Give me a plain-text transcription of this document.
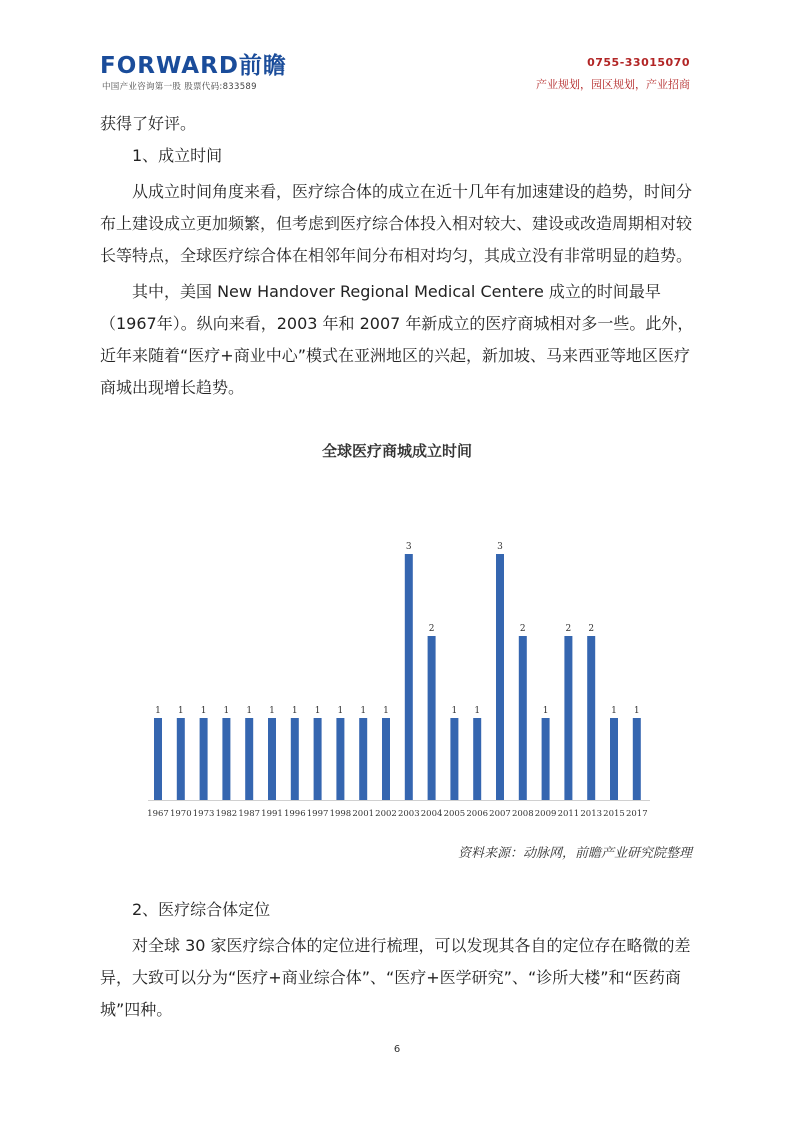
FORWARD前瞻
中国产业咨询第一股 股票代码:833589
0755-33015070
产业规划，园区规划，产业招商

获得了好评。

1、成立时间

从成立时间角度来看，医疗综合体的成立在近十几年有加速建设的趋势，时间分布上建设成立更加频繁，但考虑到医疗综合体投入相对较大、建设或改造周期相对较长等特点，全球医疗综合体在相邻年间分布相对均匀，其成立没有非常明显的趋势。

其中，美国 New Handover Regional Medical Centere 成立的时间最早（1967年）。纵向来看，2003 年和 2007 年新成立的医疗商城相对多一些。此外，近年来随着“医疗+商业中心”模式在亚洲地区的兴起，新加坡、马来西亚等地区医疗商城出现增长趋势。

全球医疗商城成立时间
1
1967
1
1970
1
1973
1
1982
1
1987
1
1991
1
1996
1
1997
1
1998
1
2001
1
2002
3
2003
2
2004
1
2005
1
2006
3
2007
2
2008
1
2009
2
2011
2
2013
1
2015
1
2017
资料来源：动脉网，前瞻产业研究院整理

2、医疗综合体定位

对全球 30 家医疗综合体的定位进行梳理，可以发现其各自的定位存在略微的差异，大致可以分为“医疗+商业综合体”、“医疗+医学研究”、“诊所大楼”和“医药商城”四种。

6
